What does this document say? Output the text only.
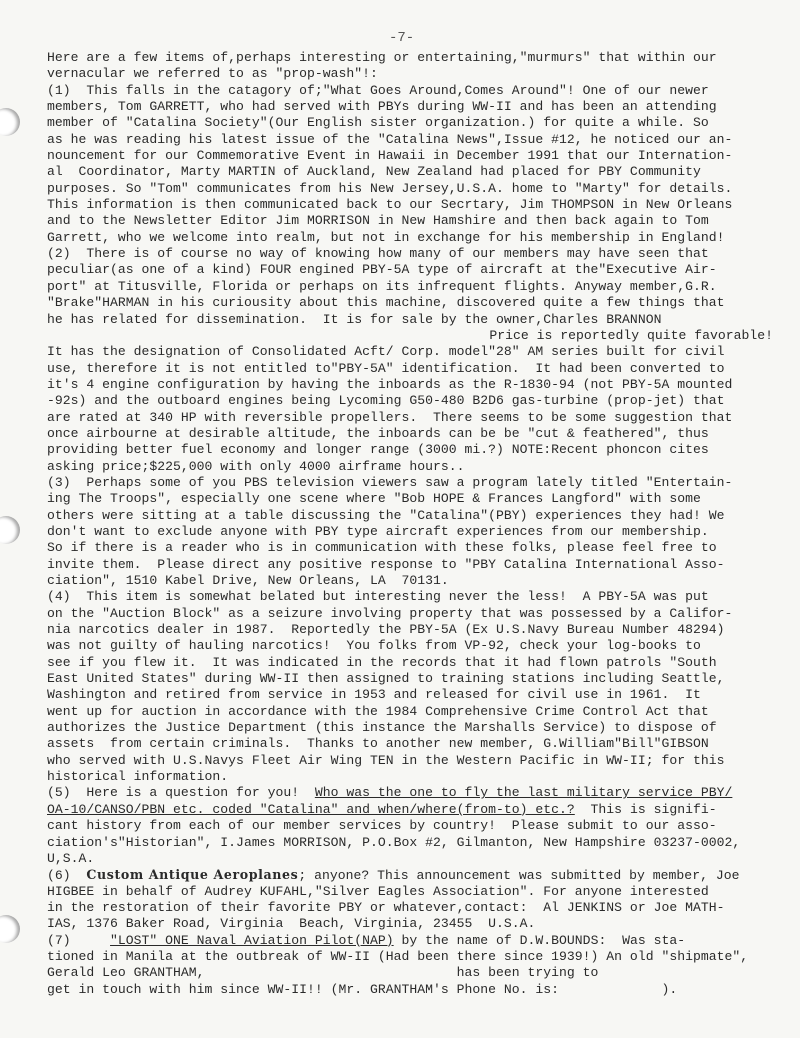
-7-
Here are a few items of,perhaps interesting or entertaining,"murmurs" that within our
vernacular we referred to as "prop-wash"!:
(1)  This falls in the catagory of;"What Goes Around,Comes Around"! One of our newer
members, Tom GARRETT, who had served with PBYs during WW-II and has been an attending
member of "Catalina Society"(Our English sister organization.) for quite a while. So
as he was reading his latest issue of the "Catalina News",Issue #12, he noticed our an-
nouncement for our Commemorative Event in Hawaii in December 1991 that our Internation-
al  Coordinator, Marty MARTIN of Auckland, New Zealand had placed for PBY Community
purposes. So "Tom" communicates from his New Jersey,U.S.A. home to "Marty" for details.
This information is then communicated back to our Secrtary, Jim THOMPSON in New Orleans
and to the Newsletter Editor Jim MORRISON in New Hamshire and then back again to Tom
Garrett, who we welcome into realm, but not in exchange for his membership in England!
(2)  There is of course no way of knowing how many of our members may have seen that
peculiar(as one of a kind) FOUR engined PBY-5A type of aircraft at the"Executive Air-
port" at Titusville, Florida or perhaps on its infrequent flights. Anyway member,G.R.
"Brake"HARMAN in his curiousity about this machine, discovered quite a few things that
he has related for dissemination.  It is for sale by the owner,Charles BRANNON
Price is reportedly quite favorable!
It has the designation of Consolidated Acft/ Corp. model"28" AM series built for civil
use, therefore it is not entitled to"PBY-5A" identification.  It had been converted to
it's 4 engine configuration by having the inboards as the R-1830-94 (not PBY-5A mounted
-92s) and the outboard engines being Lycoming G50-480 B2D6 gas-turbine (prop-jet) that
are rated at 340 HP with reversible propellers.  There seems to be some suggestion that
once airbourne at desirable altitude, the inboards can be be "cut & feathered", thus
providing better fuel economy and longer range (3000 mi.?) NOTE:Recent phoncon cites
asking price;$225,000 with only 4000 airframe hours..
(3)  Perhaps some of you PBS television viewers saw a program lately titled "Entertain-
ing The Troops", especially one scene where "Bob HOPE & Frances Langford" with some
others were sitting at a table discussing the "Catalina"(PBY) experiences they had! We
don't want to exclude anyone with PBY type aircraft experiences from our membership.
So if there is a reader who is in communication with these folks, please feel free to
invite them.  Please direct any positive response to "PBY Catalina International Asso-
ciation", 1510 Kabel Drive, New Orleans, LA  70131.
(4)  This item is somewhat belated but interesting never the less!  A PBY-5A was put
on the "Auction Block" as a seizure involving property that was possessed by a Califor-
nia narcotics dealer in 1987.  Reportedly the PBY-5A (Ex U.S.Navy Bureau Number 48294)
was not guilty of hauling narcotics!  You folks from VP-92, check your log-books to
see if you flew it.  It was indicated in the records that it had flown patrols "South
East United States" during WW-II then assigned to training stations including Seattle,
Washington and retired from service in 1953 and released for civil use in 1961.  It
went up for auction in accordance with the 1984 Comprehensive Crime Control Act that
authorizes the Justice Department (this instance the Marshalls Service) to dispose of
assets  from certain criminals.  Thanks to another new member, G.William"Bill"GIBSON
who served with U.S.Navys Fleet Air Wing TEN in the Western Pacific in WW-II; for this
historical information.
(5)  Here is a question for you!  Who was the one to fly the last military service PBY/
OA-10/CANSO/PBN etc. coded "Catalina" and when/where(from-to) etc.?  This is signifi-
cant history from each of our member services by country!  Please submit to our asso-
ciation's"Historian", I.James MORRISON, P.O.Box #2, Gilmanton, New Hampshire 03237-0002,
U,S.A.
(6)  Custom Antique Aeroplanes; anyone? This announcement was submitted by member, Joe
HIGBEE in behalf of Audrey KUFAHL,"Silver Eagles Association". For anyone interested
in the restoration of their favorite PBY or whatever,contact:  Al JENKINS or Joe MATH-
IAS, 1376 Baker Road, Virginia  Beach, Virginia, 23455  U.S.A.
(7)     "LOST" ONE Naval Aviation Pilot(NAP) by the name of D.W.BOUNDS:  Was sta-
tioned in Manila at the outbreak of WW-II (Had been there since 1939!) An old "shipmate",
Gerald Leo GRANTHAM,                                has been trying to
get in touch with him since WW-II!! (Mr. GRANTHAM's Phone No. is:             ).
